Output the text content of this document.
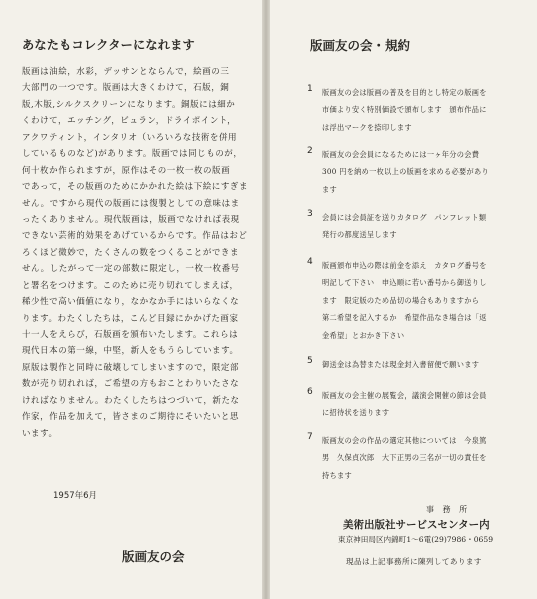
あなたもコレクターになれます
版画は油絵，水彩，デッサンとならんで，絵画の三
大部門の一つです。版画は大きくわけて，石版，銅
版,木版,シルクスクリーンになります。銅版には細か
くわけて，エッチング，ビュラン，ドライポイント，
アクワティント，インタリオ（いろいろな技術を併用
しているものなど)があります。版画では同じものが，
何十枚か作られますが，原作はその一枚一枚の版画
であって，その版画のためにかかれた絵は下絵にすぎま
せん。ですから現代の版画には復製としての意味はま
ったくありません。現代版画は，版画でなければ表現
できない芸術的効果をあげているからです。作品はおど
ろくほど微妙で，たくさんの数をつくることができま
せん。したがって一定の部数に限定し，一枚一枚番号
と署名をつけます。このために売り切れてしまえば，
稀少性で高い価値になり，なかなか手にはいらなくな
ります。わたくしたちは，こんど目録にかかげた画家
十一人をえらび，石版画を頒布いたします。これらは
現代日本の第一線，中堅，新人をもうらしています。
原版は製作と同時に破壊してしまいますので，限定部
数が売り切れれば，ご希望の方もおことわりいたさな
ければなりません。わたくしたちはつづいて，新たな
作家，作品を加えて，皆さまのご期待にそいたいと思
います。
1957年6月
版画友の会
版画友の会・規約
1 版画友の会は版画の普及を目的とし特定の版画を
市価より安く特別価設で頒布します　頒布作品に
は浮出マークを捺印します
2 版画友の会会員になるためには一ヶ年分の会費
300 円を納め一枚以上の版画を求める必要があり
ます
3 会員には会員証を送りカタログ　パンフレット類
発行の都度送呈します
4 版画頒布申込の際は前金を添え　カタログ番号を
明記して下さい　申込順に若い番号から御送りし
ます　限定版のため品切の場合もありますから
第二希望を記入するか　希望作品なき場合は「返
金希望」とおかき下さい
5 御送金は為替または現金封入書留便で願います
6 版画友の会主催の展覧会，議演会開催の節は会員
に招待状を送ります
7 版画友の会の作品の選定其他については　今泉篤
男　久保貞次郎　大下正男の三名が一切の責任を
持ちます
事 務 所
美術出版社サービスセンター内
東京神田局区内錦町1〜6電(29)7986・0659
現品は上記事務所に陳列してあります
